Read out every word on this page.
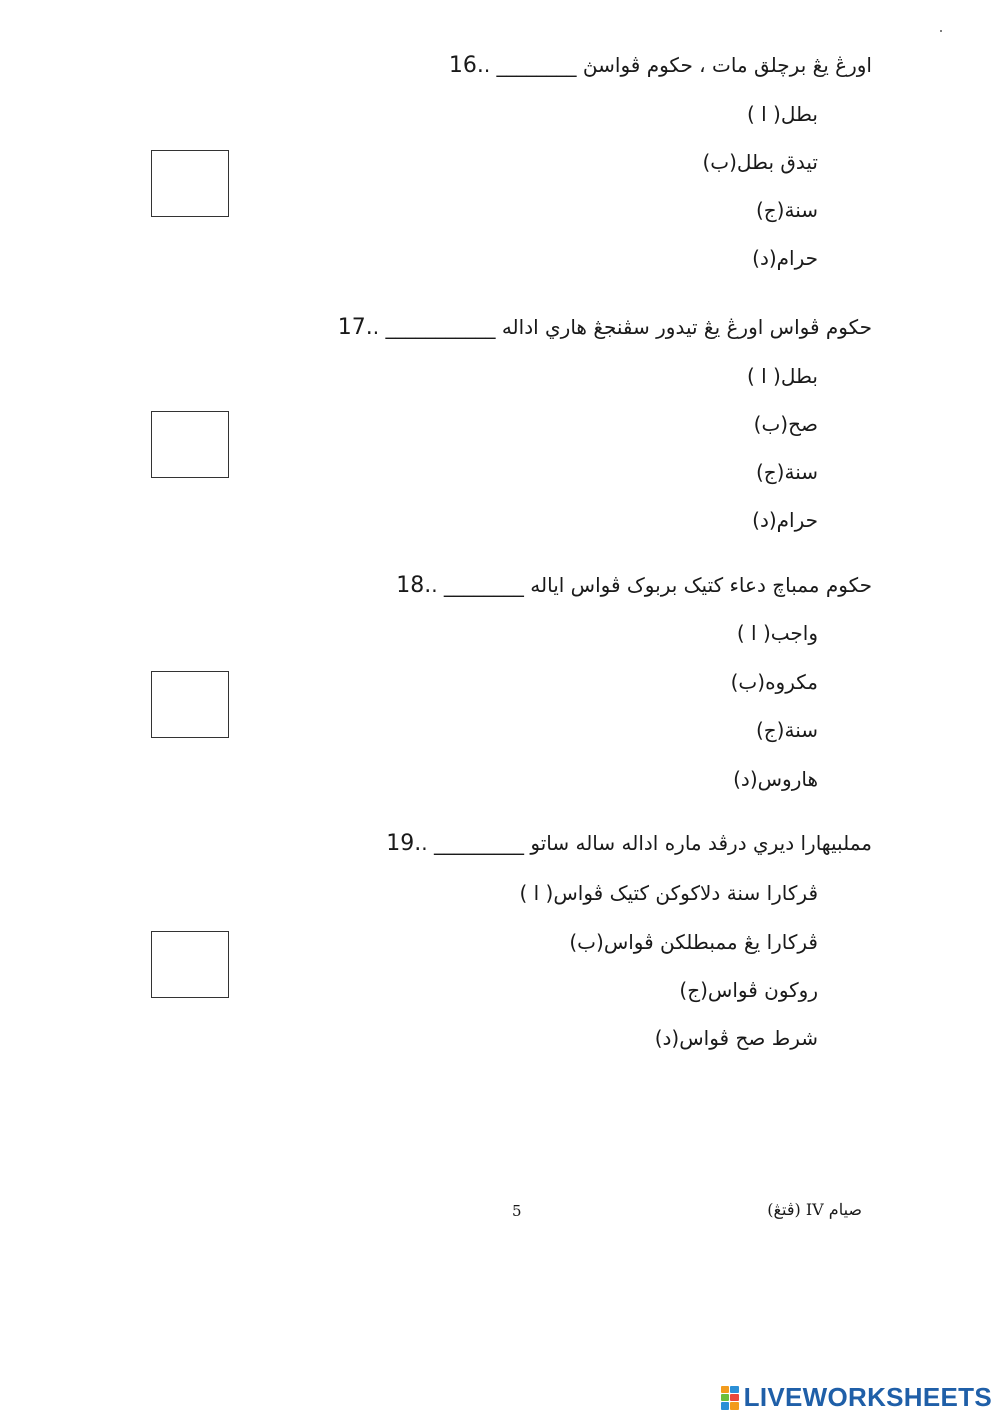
16. اورڠ يڠ برچلق مات ، حکوم ڤواسڽ ________ .
( ا ) بطل
(ب) تيدق بطل
(ج) سنة
(د) حرام
17. حکوم ڤواس اورڠ يڠ تيدور سڤنجڠ هاري اداله ___________ .
( ا ) بطل
(ب) صح
(ج) سنة
(د) حرام
18. حکوم ممباچ دعاء کتيک بربوک ڤواس اياله ________ .
( ا ) واجب
(ب) مکروه
(ج) سنة
(د) هاروس
19. مملبيهارا ديري درڤد ماره اداله ساله ساتو _________ .
( ا ) ڤرکارا سنة دلاکوکن کتيک ڤواس
(ب) ڤرکارا يڠ ممبطلکن ڤواس
(ج) روکون ڤواس
(د) شرط صح ڤواس
5	صيام IV (ڤتڠ)
LIVEWORKSHEETS
